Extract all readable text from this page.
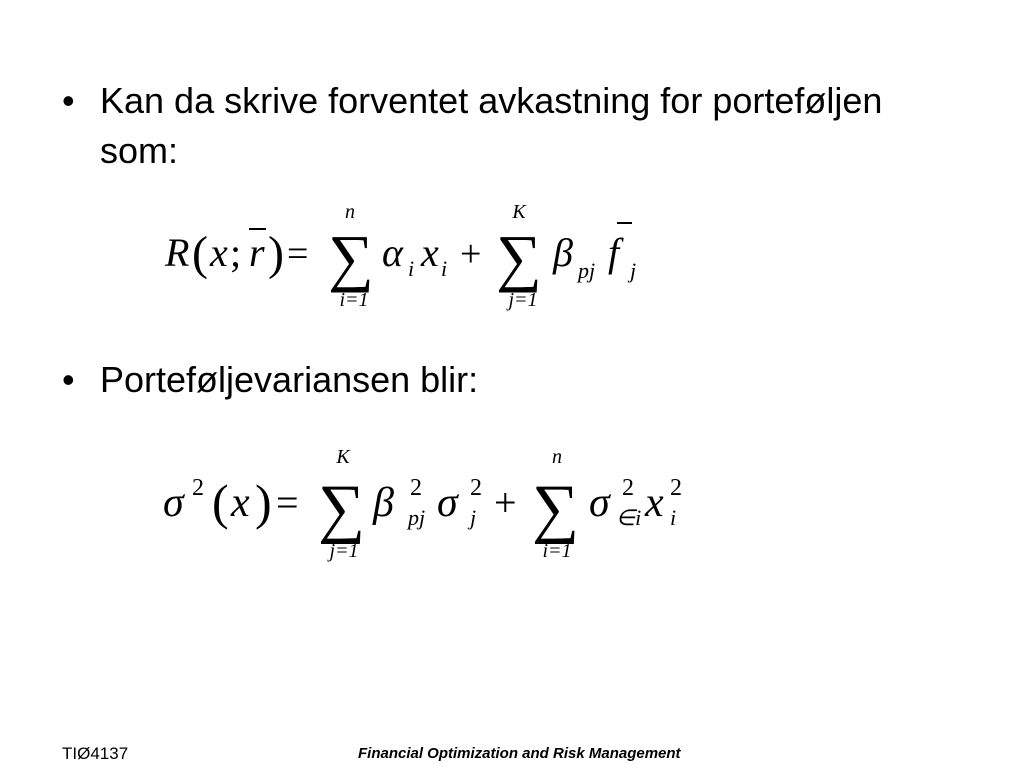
• Kan da skrive forventet avkastning for porteføljen
som:
R ( x ; r ) =
n
∑
i=1
α i x i +
K
∑
j=1
β pj f j
• Porteføljevariansen blir:
σ 2 ( x ) =
K
∑
j=1
β 2
pj σ 2
j +
n
∑
i=1
σ 2
∈i x 2
i
TIØ4137	Financial Optimization and Risk Management
